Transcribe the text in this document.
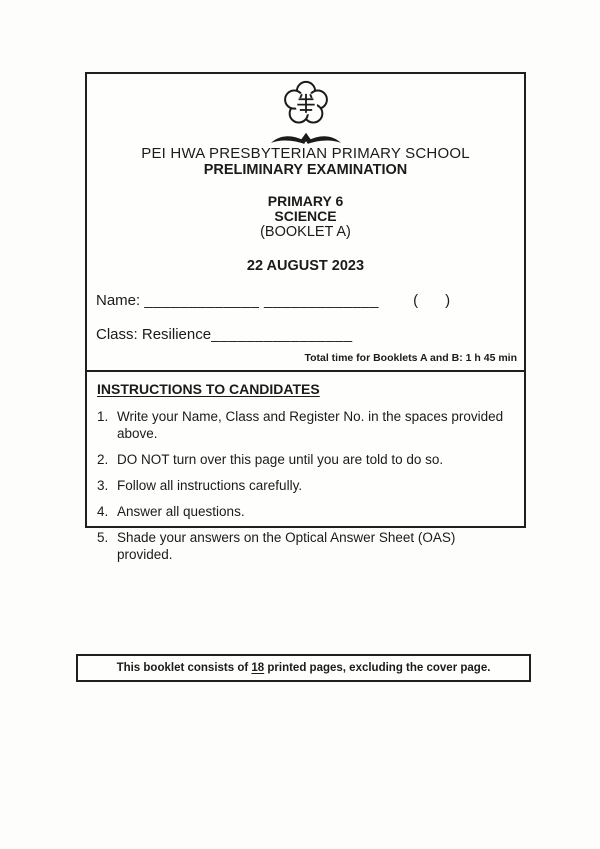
PEI HWA PRESBYTERIAN PRIMARY SCHOOL
PRELIMINARY EXAMINATION
PRIMARY 6
SCIENCE
(BOOKLET A)
22 AUGUST 2023
Name: _____________ _____________ ( )
Class: Resilience________________
Total time for Booklets A and B: 1 h 45 min
INSTRUCTIONS TO CANDIDATES
1. Write your Name, Class and Register No. in the spaces provided above.
2. DO NOT turn over this page until you are told to do so.
3. Follow all instructions carefully.
4. Answer all questions.
5. Shade your answers on the Optical Answer Sheet (OAS) provided.
This booklet consists of 18 printed pages, excluding the cover page.
